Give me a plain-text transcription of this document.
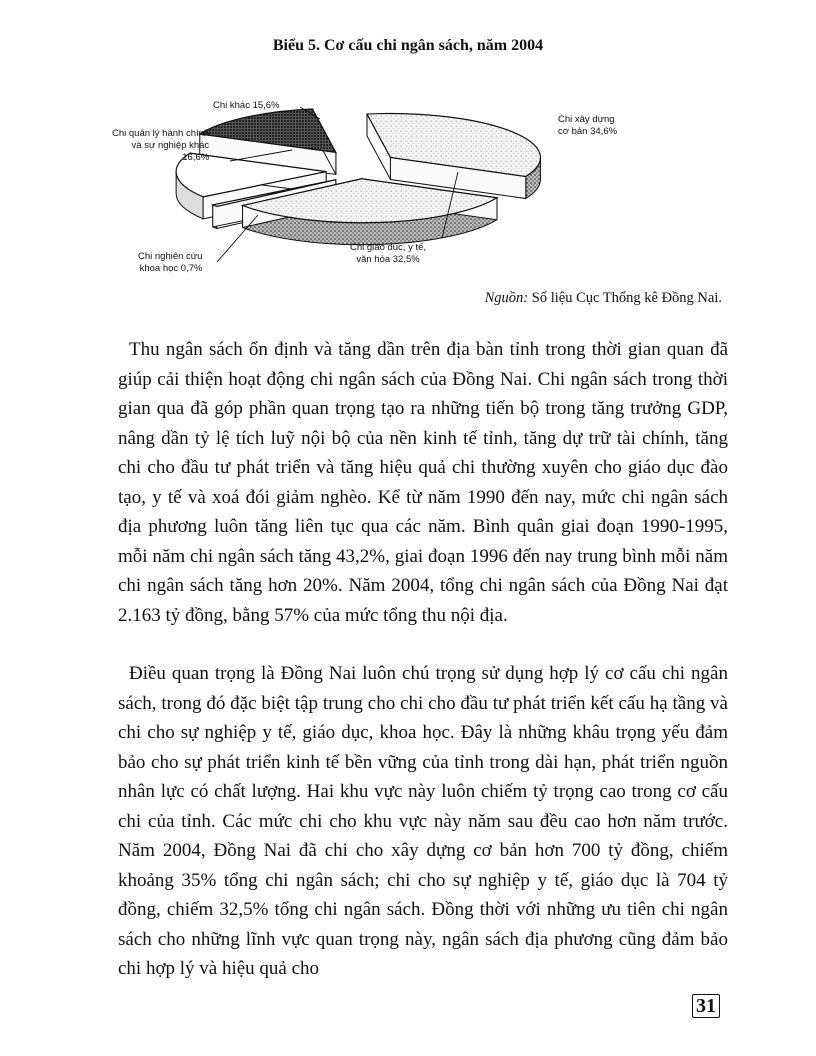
Biểu 5. Cơ cấu chi ngân sách, năm 2004
Chi xây dựng
cơ bản 34,6%
Chi giáo dục, y tế,
văn hóa 32,5%
Chi nghiên cứu
khoa học 0,7%
Chi quản lý hành chính
và sự nghiệp khác
16,6%
Chi khác 15,6%
Nguồn: Số liệu Cục Thống kê Đồng Nai.

Thu ngân sách ổn định và tăng dần trên địa bàn tỉnh trong thời gian quan đã giúp cải thiện hoạt động chi ngân sách của Đồng Nai. Chi ngân sách trong thời gian qua đã góp phần quan trọng tạo ra những tiến bộ trong tăng trưởng GDP, nâng dần tỷ lệ tích luỹ nội bộ của nền kinh tế tỉnh, tăng dự trữ tài chính, tăng chi cho đầu tư phát triển và tăng hiệu quả chi thường xuyên cho giáo dục đào tạo, y tế và xoá đói giảm nghèo. Kể từ năm 1990 đến nay, mức chi ngân sách địa phương luôn tăng liên tục qua các năm. Bình quân giai đoạn 1990-1995, mỗi năm chi ngân sách tăng 43,2%, giai đoạn 1996 đến nay trung bình mỗi năm chi ngân sách tăng hơn 20%. Năm 2004, tổng chi ngân sách của Đồng Nai đạt 2.163 tỷ đồng, bằng 57% của mức tổng thu nội địa.

Điều quan trọng là Đồng Nai luôn chú trọng sử dụng hợp lý cơ cấu chi ngân sách, trong đó đặc biệt tập trung cho chi cho đầu tư phát triển kết cấu hạ tầng và chi cho sự nghiệp y tế, giáo dục, khoa học. Đây là những khâu trọng yếu đảm bảo cho sự phát triển kinh tế bền vững của tỉnh trong dài hạn, phát triển nguồn nhân lực có chất lượng. Hai khu vực này luôn chiếm tỷ trọng cao trong cơ cấu chi của tỉnh. Các mức chi cho khu vực này năm sau đều cao hơn năm trước. Năm 2004, Đồng Nai đã chi cho xây dựng cơ bản hơn 700 tỷ đồng, chiếm khoảng 35% tổng chi ngân sách; chi cho sự nghiệp y tế, giáo dục là 704 tỷ đồng, chiếm 32,5% tổng chi ngân sách. Đồng thời với những ưu tiên chi ngân sách cho những lĩnh vực quan trọng này, ngân sách địa phương cũng đảm bảo chi hợp lý và hiệu quả cho

31
